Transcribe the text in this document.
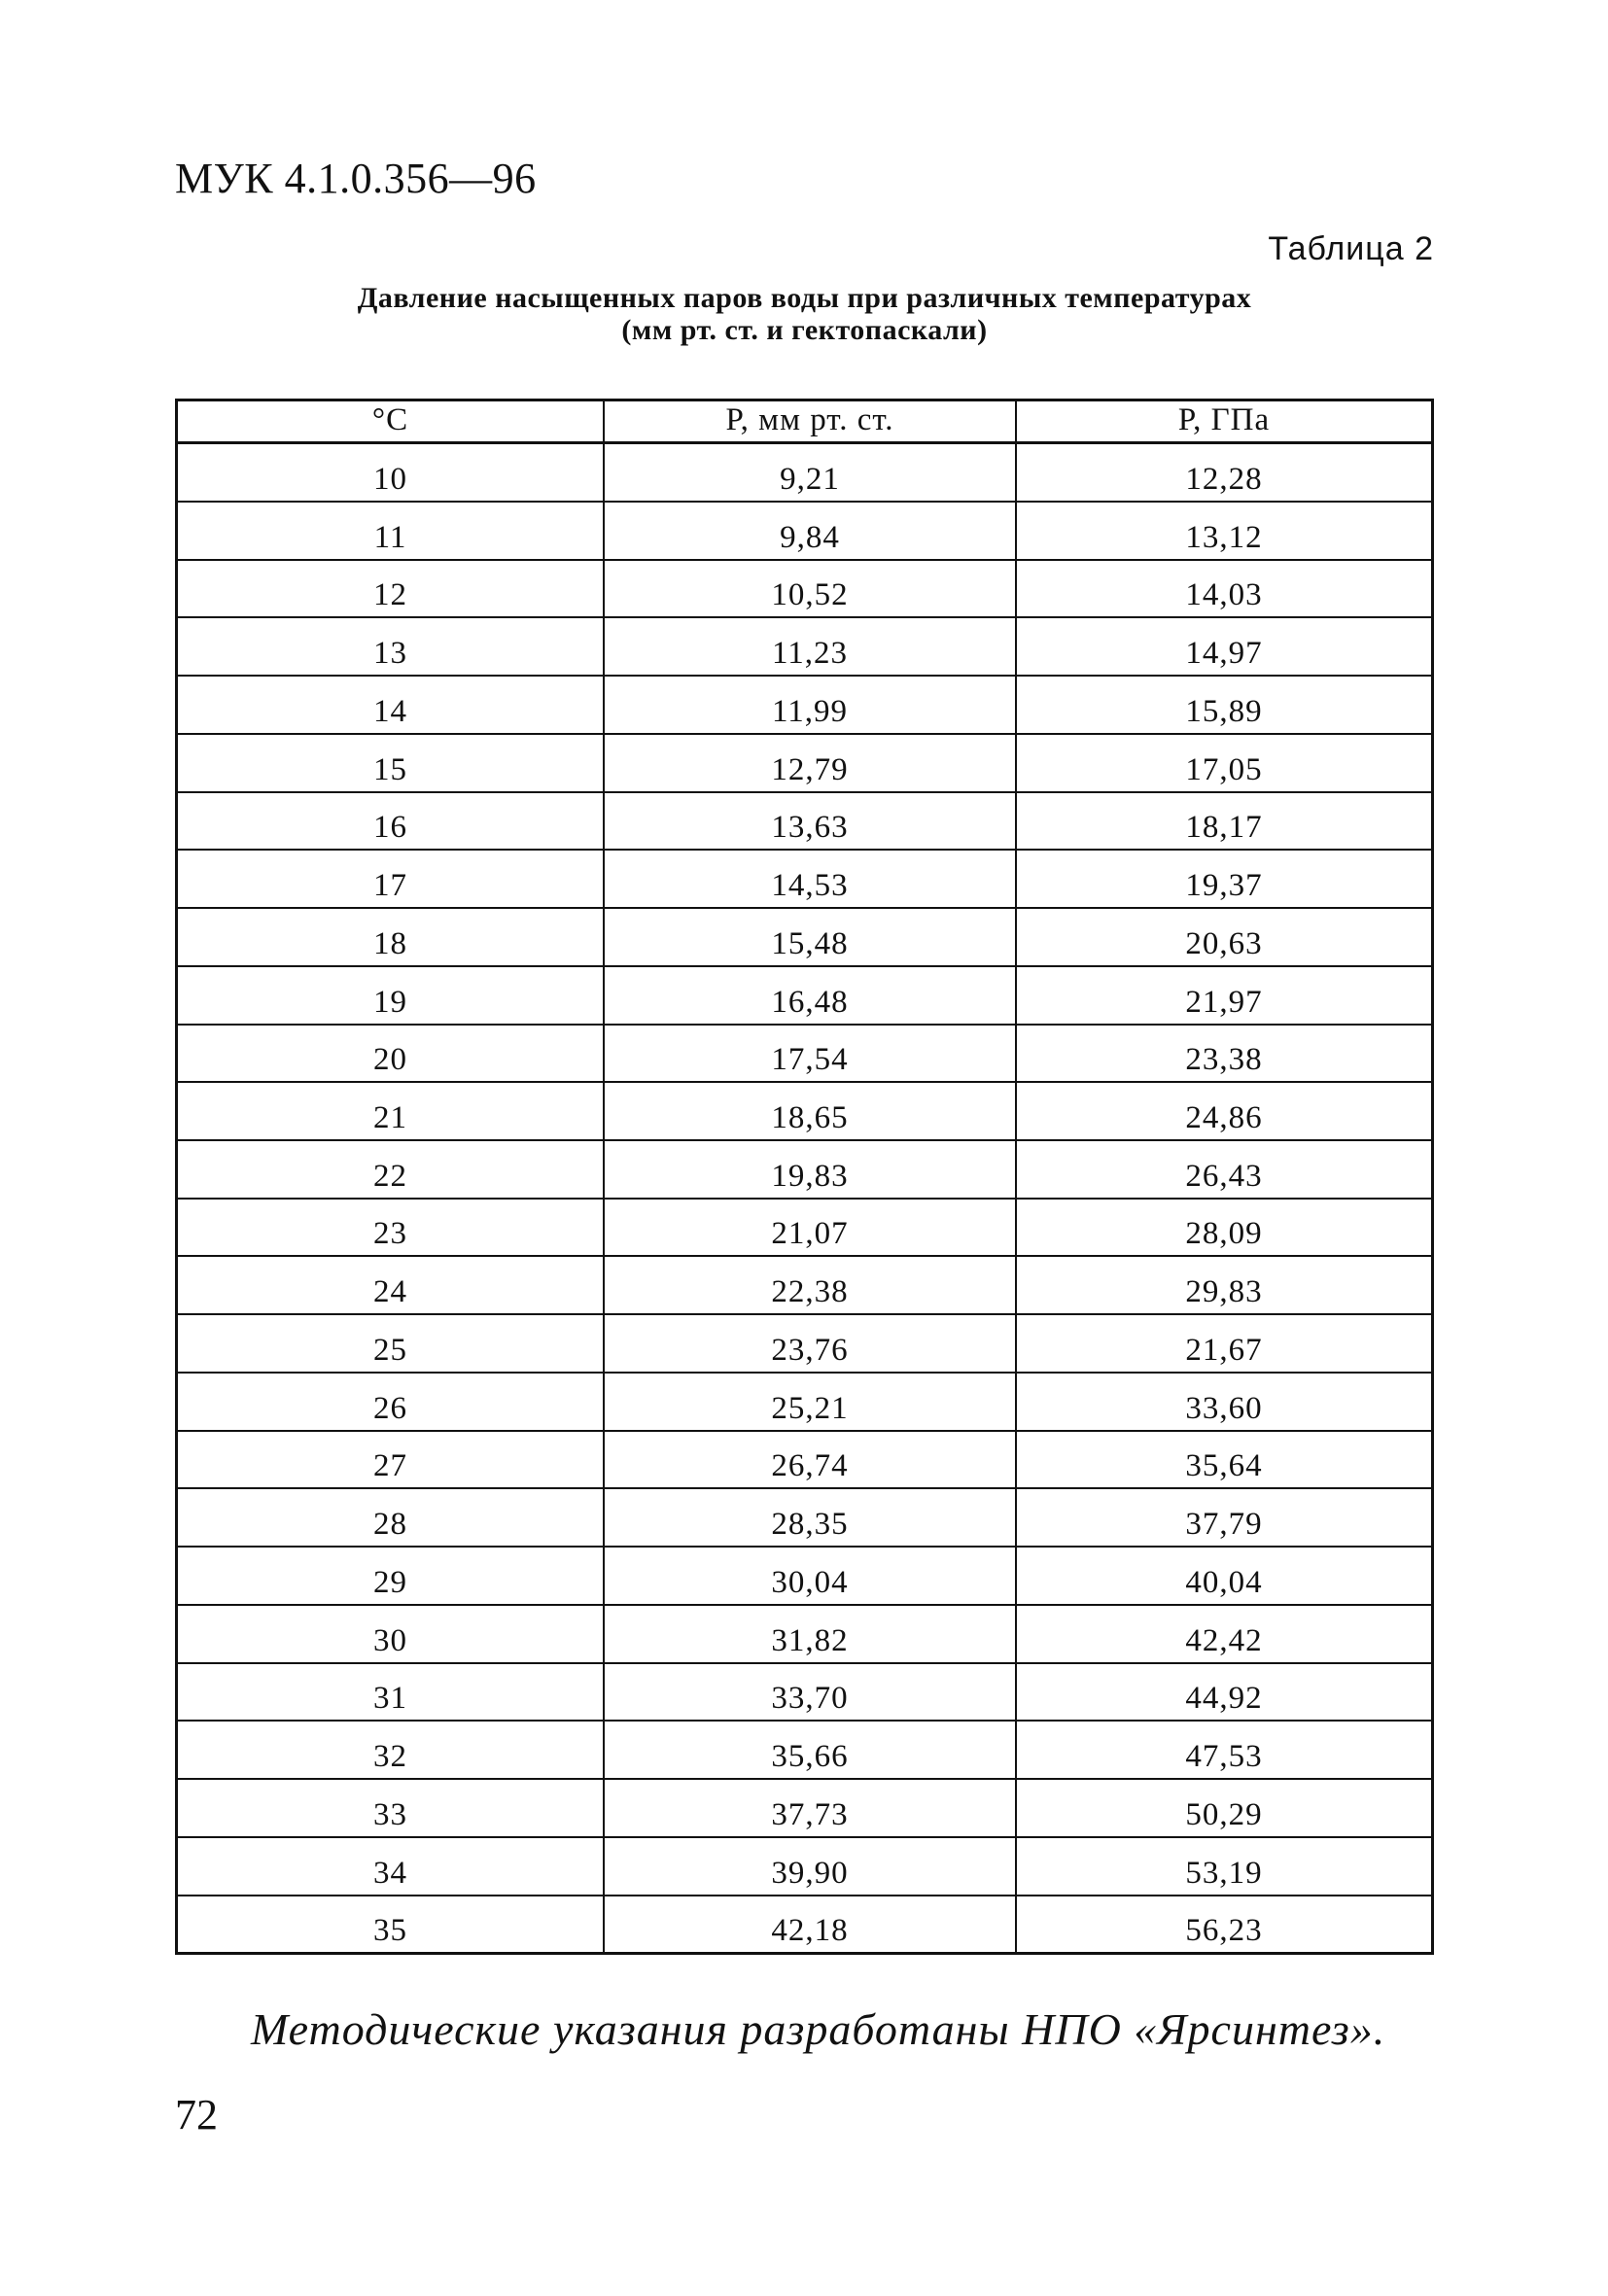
МУК 4.1.0.356—96
Таблица 2
Давление насыщенных паров воды при различных температурах
(мм рт. ст. и гектопаскали)
°C	Р, мм рт. ст.	Р, ГПа
10	9,21	12,28
11	9,84	13,12
12	10,52	14,03
13	11,23	14,97
14	11,99	15,89
15	12,79	17,05
16	13,63	18,17
17	14,53	19,37
18	15,48	20,63
19	16,48	21,97
20	17,54	23,38
21	18,65	24,86
22	19,83	26,43
23	21,07	28,09
24	22,38	29,83
25	23,76	21,67
26	25,21	33,60
27	26,74	35,64
28	28,35	37,79
29	30,04	40,04
30	31,82	42,42
31	33,70	44,92
32	35,66	47,53
33	37,73	50,29
34	39,90	53,19
35	42,18	56,23
Методические указания разработаны НПО «Ярсинтез».
72
